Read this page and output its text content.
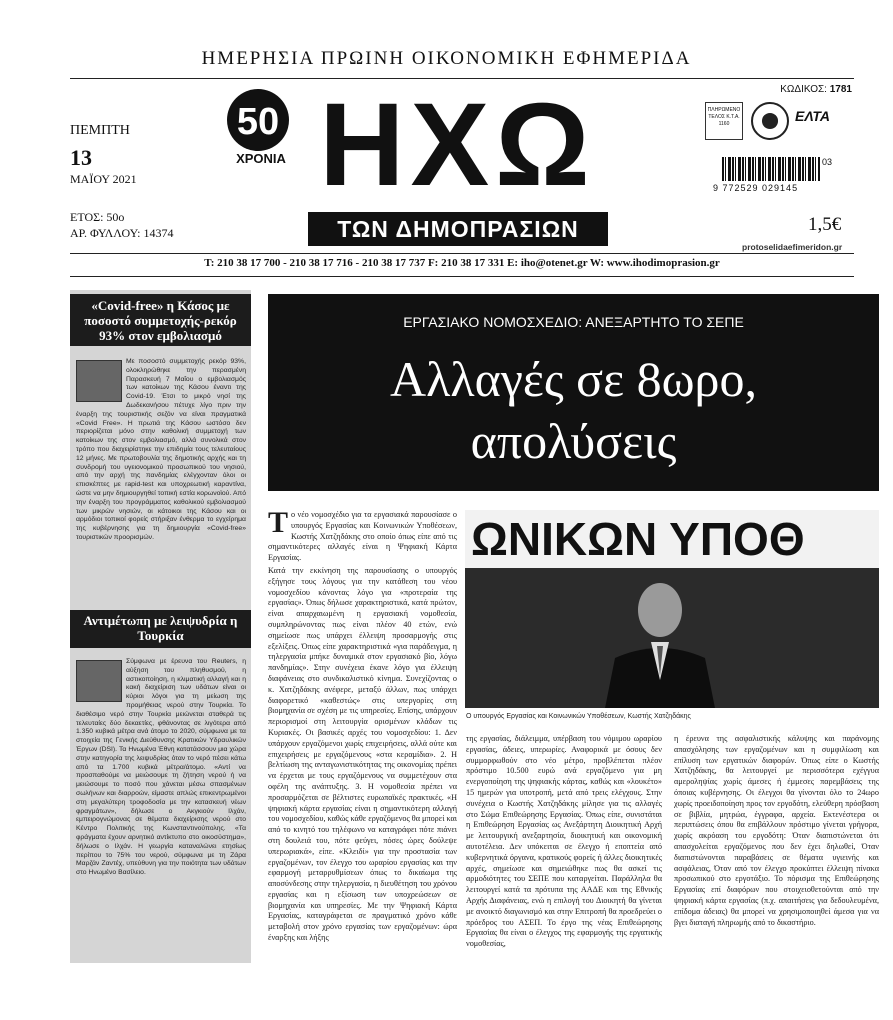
ΗΜΕΡΗΣΙΑ ΠΡΩΙΝΗ ΟΙΚΟΝΟΜΙΚΗ ΕΦΗΜΕΡΙΔΑ
ΠΕΜΠΤΗ
13
ΜΑΪΟΥ 2021
ΕΤΟΣ: 50ο
ΑΡ. ΦΥΛΛΟΥ: 14374
50
ΧΡΟΝΙΑ ΗΧΩ
ΤΩΝ ΔΗΜΟΠΡΑΣΙΩΝ
ΚΩΔΙΚΟΣ: 1781
ΠΛΗΡΩΜΕΝΟ ΤΕΛΟΣ Κ.Τ.Α. 1160	ΕΛΤΑ
9 772529 029145
03
1,5€
protoselidaefimeridon.gr
T: 210 38 17 700 - 210 38 17 716 - 210 38 17 737 F: 210 38 17 331 E: iho@otenet.gr W: www.ihodimoprasion.gr
«Covid-free» η Κάσος με ποσοστό συμμετοχής-ρεκόρ 93% στον εμβολιασμό
Με ποσοστό συμμετοχής ρεκόρ 93%, ολοκληρώθηκε την περασμένη Παρασκευή 7 Μαΐου ο εμβολιασμός των κατοίκων της Κάσου έναντι της Covid-19. Έτσι το μικρό νησί της Δωδεκανήσου πέτυχε λίγο πριν την έναρξη της τουριστικής σεζόν να είναι πραγματικά «Covid Free». Η πρωτιά της Κάσου ωστόσο δεν περιορίζεται μόνο στην καθολική συμμετοχή των κατοίκων της στον εμβολιασμό, αλλά συνολικά στον τρόπο που διαχειρίστηκε την επιδημία τους τελευταίους 12 μήνες. Με πρωτοβουλία της δημοτικής αρχής και τη συνδρομή του υγειονομικού προσωπικού του νησιού, από την αρχή της πανδημίας ελέγχονταν όλοι οι επισκέπτες με rapid-test και υποχρεωτική καραντίνα, ώστε να μην δημιουργηθεί τοπική εστία κορωνοϊού. Από την έναρξη του προγράμματος καθολικού εμβολιασμού των μικρών νησιών, οι κάτοικοι της Κάσου και οι αρμόδιοι τοπικοί φορείς στήριξαν ένθερμα το εγχείρημα της κυβέρνησης για τη δημιουργία «Covid-free» τουριστικών προορισμών.
Αντιμέτωπη με λειψυδρία η Τουρκία
Σύμφωνα με έρευνα του Reuters, η αύξηση του πληθυσμού, η αστικοποίηση, η κλιματική αλλαγή και η κακή διαχείριση των υδάτων είναι οι κύριοι λόγοι για τη μείωση της προμήθειας νερού στην Τουρκία. Το διαθέσιμο νερό στην Τουρκία μειώνεται σταθερά τις τελευταίες δύο δεκαετίες, φθάνοντας σε λιγότερα από 1.350 κυβικά μέτρα ανά άτομο το 2020, σύμφωνα με τα στοιχεία της Γενικής Διεύθυνσης Κρατικών Υδραυλικών Έργων (DSI). Τα Ηνωμένα Έθνη κατατάσσουν μια χώρα στην κατηγορία της λειψυδρίας όταν το νερό πέσει κάτω από τα 1.700 κυβικά μέτρα/άτομο. «Αντί να προσπαθούμε να μειώσουμε τη ζήτηση νερού ή να μειώσουμε το ποσό που χάνεται μέσω σπασμένων σωλήνων και διαρροών, είμαστε απλώς επικεντρωμένοι στη μεγαλύτερη τροφοδοσία με την κατασκευή νέων φραγμάτων», δήλωσε ο Ακγκιούν Ιλχάν, εμπειρογνώμονας σε θέματα διαχείρισης νερού στο Κέντρο Πολιτικής της Κωνσταντινούπολης. «Τα φράγματα έχουν αρνητικό αντίκτυπο στο οικοσύστημα», δήλωσε ο Ιλχάν. Η γεωργία καταναλώνει ετησίως περίπου το 75% του νερού, σύμφωνα με τη Ζάρα Μαρζάν Ζαντέχ, υπεύθυνη για την ποιότητα των υδάτων στο Ηνωμένο Βασίλειο.
ΕΡΓΑΣΙΑΚΟ ΝΟΜΟΣΧΕΔΙΟ: ΑΝΕΞΑΡΤΗΤΟ ΤΟ ΣΕΠΕ
Αλλαγές σε 8ωρο,
απολύσεις
ΩΝΙΚΩΝ ΥΠΟΘ
Ο υπουργός Εργασίας και Κοινωνικών Υποθέσεων, Κωστής Χατζηδάκης
Τ ο νέο νομοσχέδιο για τα εργασιακά παρουσίασε ο υπουργός Εργασίας και Κοινωνικών Υποθέσεων, Κωστής Χατζηδάκης στο οποίο όπως είπε από τις σημαντικότερες αλλαγές είναι η Ψηφιακή Κάρτα Εργασίας.

Κατά την εκκίνηση της παρουσίασης ο υπουργός εξήγησε τους λόγους για την κατάθεση του νέου νομοσχεδίου κάνοντας λόγο για «προτεραία της εργασίας». Όπως δήλωσε χαρακτηριστικά, κατά πρώτον, είναι απαρχαιωμένη η εργασιακή νομοθεσία, συμπληρώνοντας πως είναι πλέον 40 ετών, ενώ σημείωσε πως υπάρχει έλλειψη προσαρμογής στις εξελίξεις. Όπως είπε χαρακτηριστικά «για παράδειγμα, η τηλεργασία μπήκε δυναμικά στον εργασιακό βίο, λόγω πανδημίας». Στην συνέχεια έκανε λόγο για έλλειψη διαφάνειας στο συνδικαλιστικό κίνημα. Συνεχίζοντας ο κ. Χατζηδάκης ανέφερε, μεταξύ άλλων, πως υπάρχει διαφορετικό «καθεστώς» στις υπεργορίες στη βιομηχανία σε σχέση με τις υπηρεσίες. Επίσης, υπάρχουν περιορισμοί στη λειτουργία ορισμένων κλάδων τις Κυριακές. Οι βασικές αρχές του νομοσχεδίου: 1. Δεν υπάρχουν εργαζόμενοι χωρίς επιχειρήσεις, αλλά ούτε και επιχειρήσεις με εργαζόμενους «στα κεραμίδια». 2. Η βελτίωση της ανταγωνιστικότητας της οικονομίας πρέπει να έρχεται με τους εργαζόμενους να συμμετέχουν στα οφέλη της ανάπτυξης. 3. Η νομοθεσία πρέπει να προσαρμόζεται σε βέλτιστες ευρωπαϊκές πρακτικές. «Η ψηφιακή κάρτα εργασίας είναι η σημαντικότερη αλλαγή του νομοσχεδίου, καθώς κάθε εργαζόμενος θα μπορεί και από το κινητό του τηλέφωνο να καταγράφει πότε πιάνει στη δουλειά του, πότε φεύγει, πόσες ώρες δούλεψε υπερωριακά», είπε. «Κλειδί» για την προστασία των εργαζομένων, τον έλεγχο του ωραρίου εργασίας και την εφαρμογή μεταρρυθμίσεων όπως το δικαίωμα της αποσύνδεσης στην τηλεργασία, η διευθέτηση του χρόνου εργασίας και η εξίσωση των υποχρεώσεων σε βιομηχανία και υπηρεσίες. Με την Ψηφιακή Κάρτα Εργασίας, καταγράφεται σε πραγματικό χρόνο κάθε μεταβολή στον χρόνο εργασίας των εργαζομένων: ώρα έναρξης και λήξης

της εργασίας, διάλειμμα, υπέρβαση του νόμιμου ωραρίου εργασίας, άδειες, υπερωρίες. Αναφορικά με όσους δεν συμμορφωθούν στο νέο μέτρο, προβλέπεται πλέον πρόστιμο 10.500 ευρώ ανά εργαζόμενο για μη ενεργοποίηση της ψηφιακής κάρτας, καθώς και «λουκέτο» 15 ημερών για υποτροπή, μετά από τρεις ελέγχους. Στην συνέχεια ο Κωστής Χατζηδάκης μίλησε για τις αλλαγές στο Σώμα Επιθεώρησης Εργασίας. Όπως είπε, συνιστάται η Επιθεώρηση Εργασίας ως Ανεξάρτητη Διοικητική Αρχή με λειτουργική ανεξαρτησία, διοικητική και οικονομική αυτοτέλεια. Δεν υπόκειται σε έλεγχο ή εποπτεία από κυβερνητικά όργανα, κρατικούς φορείς ή άλλες διοικητικές αρχές, σημείωσε και σημειώθηκε πως θα ασκεί τις αρμοδιότητες του ΣΕΠΕ που καταργείται. Παράλληλα θα λειτουργεί κατά τα πρότυπα της ΑΑΔΕ και της Εθνικής Αρχής Διαφάνειας, ενώ η επιλογή του Διοικητή θα γίνεται με ανοικτό διαγωνισμό και στην Επιτροπή θα προεδρεύει ο πρόεδρος του ΑΣΕΠ. Το έργο της νέας Επιθεώρησης Εργασίας θα είναι ο έλεγχος της εφαρμογής της εργατικής νομοθεσίας,

η έρευνα της ασφαλιστικής κάλυψης και παράνομης απασχόλησης των εργαζομένων και η συμφιλίωση και επίλυση των εργατικών διαφορών. Όπως είπε ο Κωστής Χατζηδάκης, θα λειτουργεί με περισσότερα εχέγγυα αμεροληψίας χωρίς άμεσες ή έμμεσες παρεμβάσεις της όποιας κυβέρνησης. Οι έλεγχοι θα γίνονται όλο το 24ωρο χωρίς προειδοποίηση προς τον εργοδότη, ελεύθερη πρόσβαση σε βιβλία, μητρώα, έγγραφα, αρχεία. Εκτενέστερα οι περιπτώσεις όπου θα επιβάλλουν πρόστιμο γίνεται γρήγορα, χωρίς ακρόαση του εργοδότη: Όταν διαπιστώνεται ότι απασχολείται εργαζόμενος που δεν έχει δηλωθεί, Όταν διαπιστώνονται παραβάσεις σε θέματα υγιεινής και ασφάλειας, Όταν από τον έλεγχο προκύπτει έλλειψη πίνακα προσωπικού στο εργοτάξιο. Το πόρισμα της Επιθεώρησης Εργασίας επί διαφόρων που στοιχειοθετούνται από την ψηφιακή κάρτα εργασίας (π.χ. απαιτήσεις για δεδουλευμένα, επίδομα άδειας) θα μπορεί να χρησιμοποιηθεί άμεσα για να βγει διαταγή πληρωμής από το δικαστήριο.
